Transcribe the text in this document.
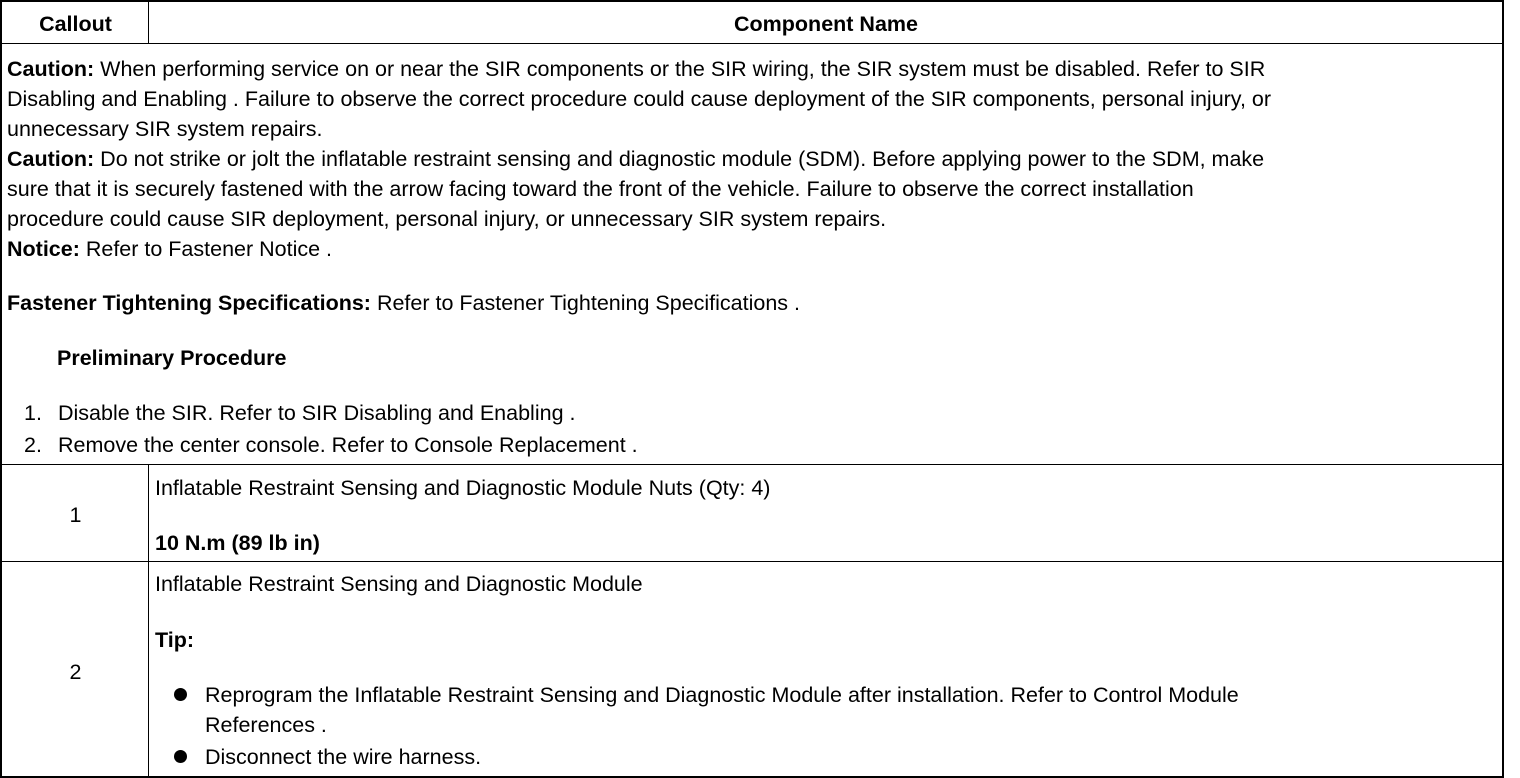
Callout	Component Name
Caution: When performing service on or near the SIR components or the SIR wiring, the SIR system must be disabled. Refer to SIR
Disabling and Enabling . Failure to observe the correct procedure could cause deployment of the SIR components, personal injury, or
unnecessary SIR system repairs.
Caution: Do not strike or jolt the inflatable restraint sensing and diagnostic module (SDM). Before applying power to the SDM, make
sure that it is securely fastened with the arrow facing toward the front of the vehicle. Failure to observe the correct installation
procedure could cause SIR deployment, personal injury, or unnecessary SIR system repairs.
Notice: Refer to Fastener Notice .
Fastener Tightening Specifications: Refer to Fastener Tightening Specifications .
Preliminary Procedure
1. Disable the SIR. Refer to SIR Disabling and Enabling .
2. Remove the center console. Refer to Console Replacement .
1
Inflatable Restraint Sensing and Diagnostic Module Nuts (Qty: 4)
10 N.m (89 lb in)
2
Inflatable Restraint Sensing and Diagnostic Module
Tip:
Reprogram the Inflatable Restraint Sensing and Diagnostic Module after installation. Refer to Control Module
References .
Disconnect the wire harness.
